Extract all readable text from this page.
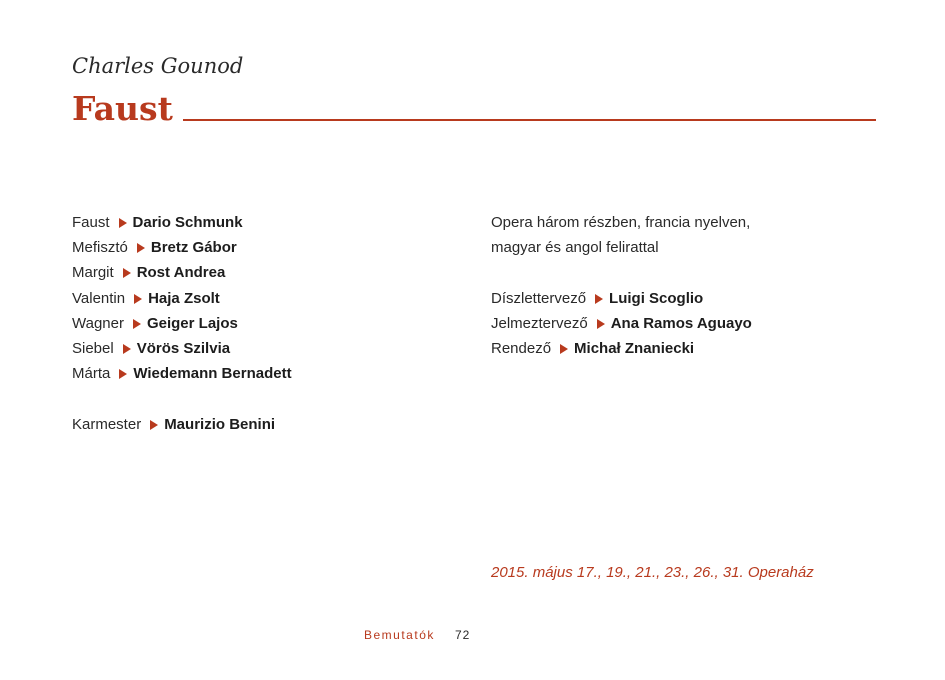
Charles Gounod

Faust
Faust Dario Schmunk
Mefisztó Bretz Gábor
Margit Rost Andrea
Valentin Haja Zsolt
Wagner Geiger Lajos
Siebel Vörös Szilvia
Márta Wiedemann Bernadett
Karmester Maurizio Benini
Opera három részben, francia nyelven,
magyar és angol felirattal
Díszlettervező Luigi Scoglio
Jelmeztervező Ana Ramos Aguayo
Rendező Michał Znaniecki
2015. május 17., 19., 21., 23., 26., 31. Operaház
Bemutatók 72
